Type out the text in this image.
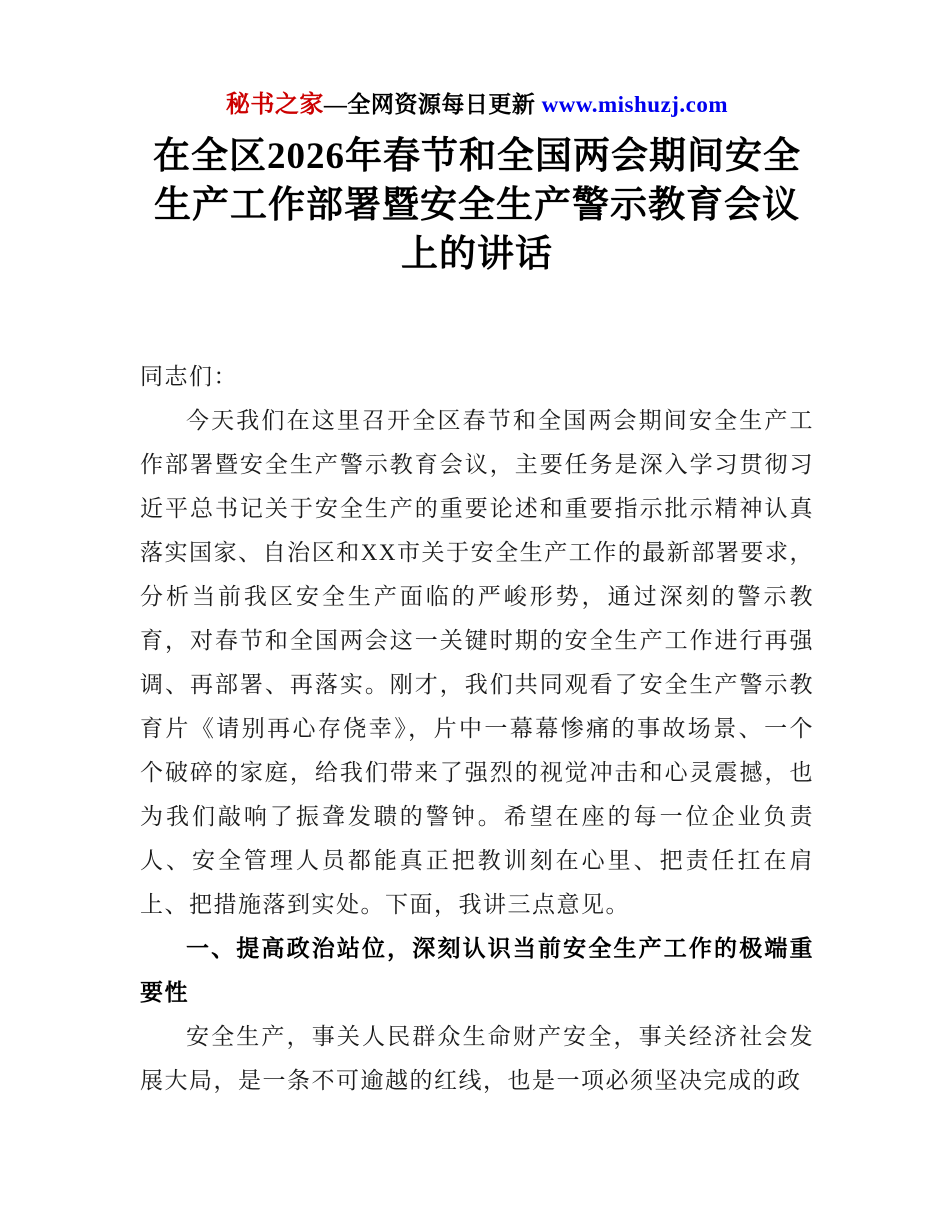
秘书之家—全网资源每日更新 www.mishuzj.com
在全区2026年春节和全国两会期间安全生产工作部署暨安全生产警示教育会议上的讲话

同志们：

今天我们在这里召开全区春节和全国两会期间安全生产工作部署暨安全生产警示教育会议，主要任务是深入学习贯彻习近平总书记关于安全生产的重要论述和重要指示批示精神认真落实国家、自治区和XX市关于安全生产工作的最新部署要求，分析当前我区安全生产面临的严峻形势，通过深刻的警示教育，对春节和全国两会这一关键时期的安全生产工作进行再强调、再部署、再落实。刚才，我们共同观看了安全生产警示教育片《请别再心存侥幸》，片中一幕幕惨痛的事故场景、一个个破碎的家庭，给我们带来了强烈的视觉冲击和心灵震撼，也为我们敲响了振聋发聩的警钟。希望在座的每一位企业负责人、安全管理人员都能真正把教训刻在心里、把责任扛在肩上、把措施落到实处。下面，我讲三点意见。

一、提高政治站位，深刻认识当前安全生产工作的极端重要性

安全生产，事关人民群众生命财产安全，事关经济社会发展大局，是一条不可逾越的红线，也是一项必须坚决完成的政
